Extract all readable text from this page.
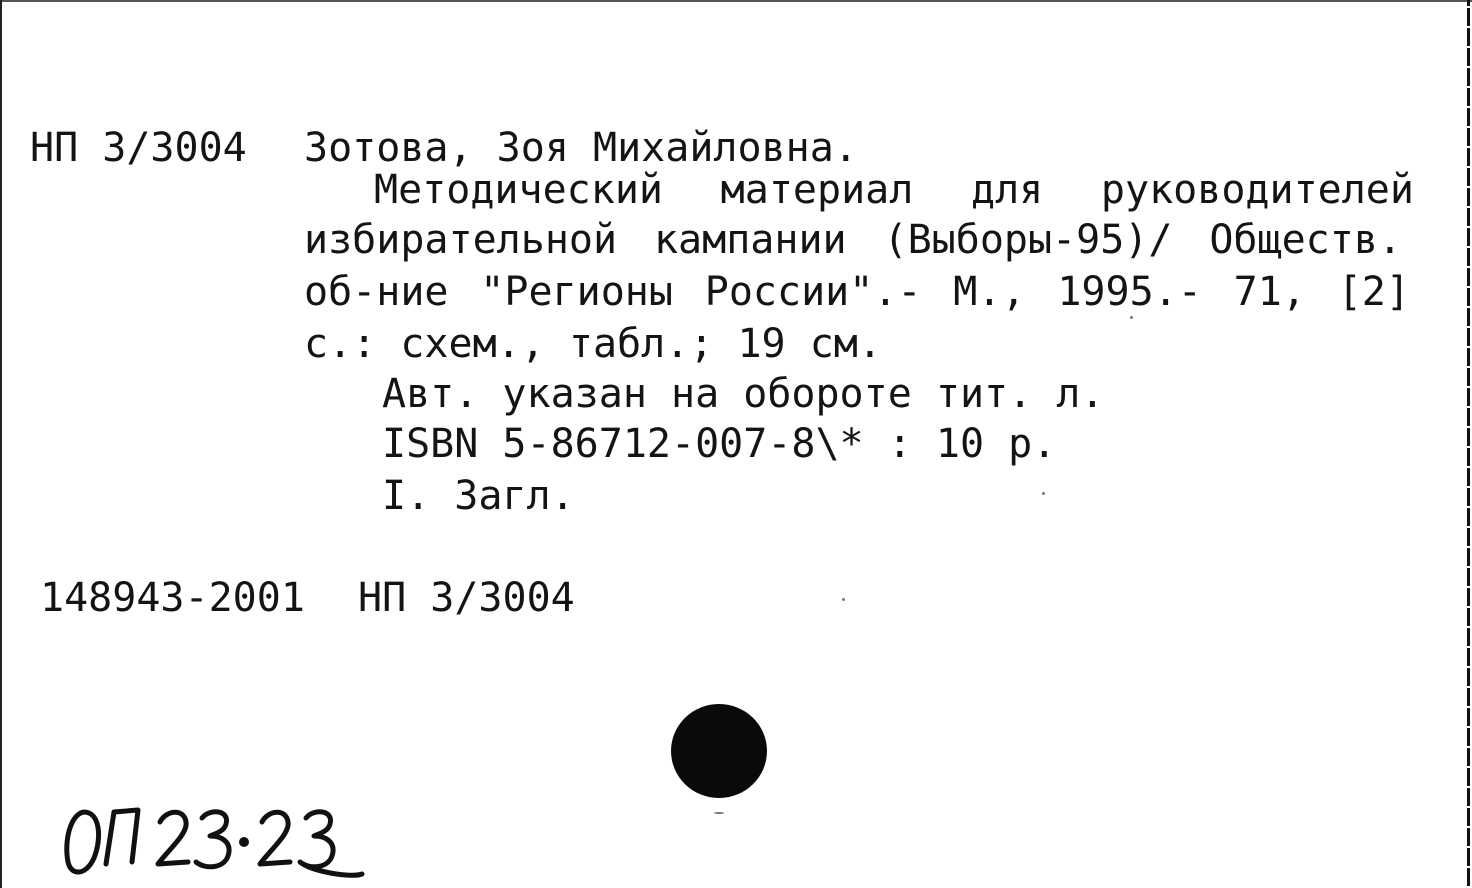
НП 3/3004 Зотова, Зоя Михайловна.
Методический материал для руководителей
избирательной кампании (Выборы-95)/ Обществ.
об-ние "Регионы России".- М., 1995.- 71, [2]
с.: схем., табл.; 19 см.
Авт. указан на обороте тит. л.
ISBN 5-86712-007-8\* : 10 р.
I. Загл.
148943-2001 НП 3/3004
